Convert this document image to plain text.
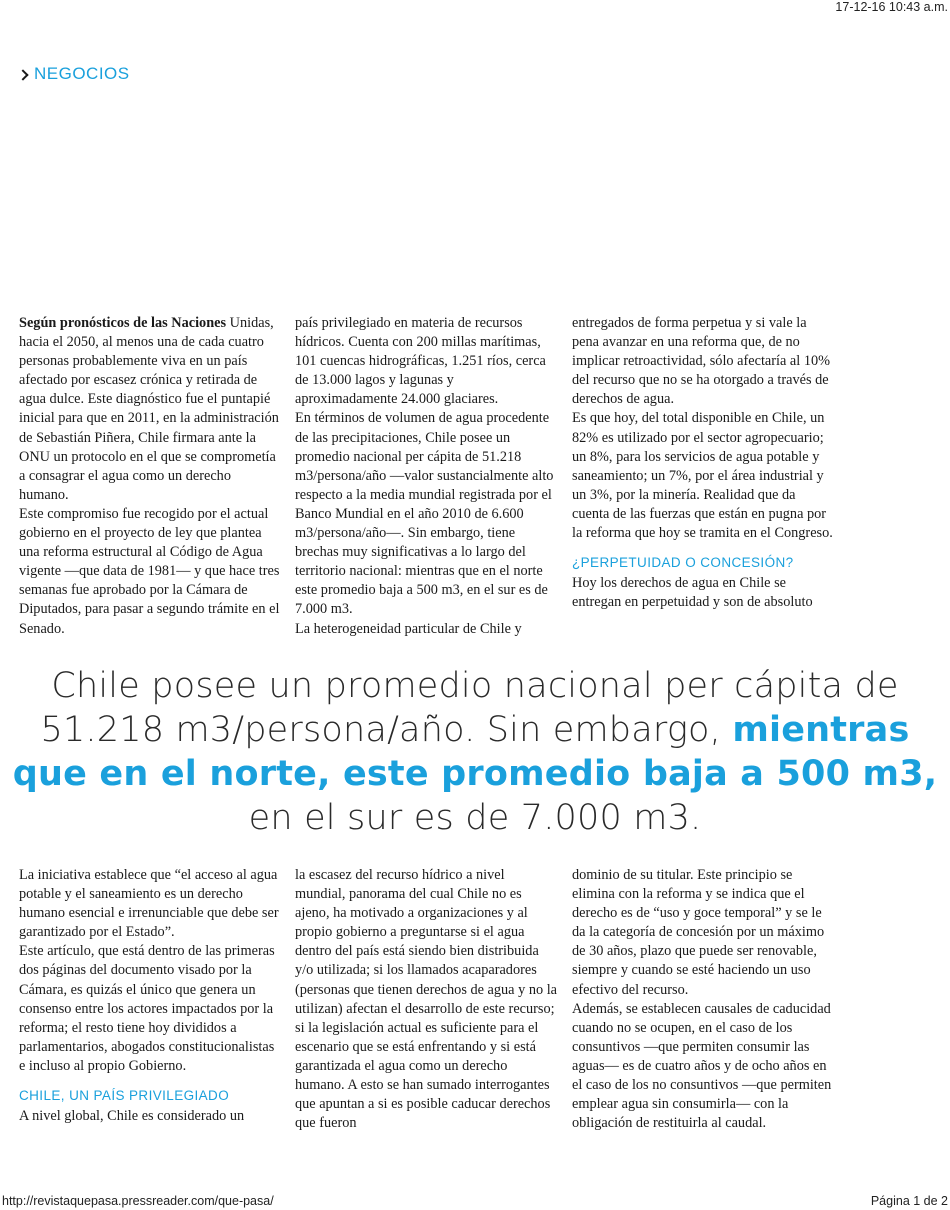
17-12-16 10:43 a.m.
NEGOCIOS

Según pronósticos de las Naciones Unidas, hacia el 2050, al menos una de cada cuatro personas probablemente viva en un país afectado por escasez crónica y retirada de agua dulce. Este diagnóstico fue el puntapié inicial para que en 2011, en la administración de Sebastián Piñera, Chile firmara ante la ONU un protocolo en el que se comprometía a consagrar el agua como un derecho humano.

Este compromiso fue recogido por el actual gobierno en el proyecto de ley que plantea una reforma estructural al Código de Agua vigente —que data de 1981— y que hace tres semanas fue aprobado por la Cámara de Diputados, para pasar a segundo trámite en el Senado.

país privilegiado en materia de recursos hídricos. Cuenta con 200 millas marítimas, 101 cuencas hidrográficas, 1.251 ríos, cerca de 13.000 lagos y lagunas y aproximadamente 24.000 glaciares.

En términos de volumen de agua procedente de las precipitaciones, Chile posee un promedio nacional per cápita de 51.218 m3/persona/año —valor sustancialmente alto respecto a la media mundial registrada por el Banco Mundial en el año 2010 de 6.600 m3/persona/año—. Sin embargo, tiene brechas muy significativas a lo largo del territorio nacional: mientras que en el norte este promedio baja a 500 m3, en el sur es de 7.000 m3.

La heterogeneidad particular de Chile y

entregados de forma perpetua y si vale la pena avanzar en una reforma que, de no implicar retroactividad, sólo afectaría al 10% del recurso que no se ha otorgado a través de derechos de agua.

Es que hoy, del total disponible en Chile, un 82% es utilizado por el sector agropecuario; un 8%, para los servicios de agua potable y saneamiento; un 7%, por el área industrial y un 3%, por la minería. Realidad que da cuenta de las fuerzas que están en pugna por la reforma que hoy se tramita en el Congreso.

¿PERPETUIDAD O CONCESIÓN?

Hoy los derechos de agua en Chile se entregan en perpetuidad y son de absoluto

Chile posee un promedio nacional per cápita de 51.218 m3/persona/año. Sin embargo, mientras que en el norte, este promedio baja a 500 m3,
en el sur es de 7.000 m3.

La iniciativa establece que “el acceso al agua potable y el saneamiento es un derecho humano esencial e irrenunciable que debe ser garantizado por el Estado”.

Este artículo, que está dentro de las primeras dos páginas del documento visado por la Cámara, es quizás el único que genera un consenso entre los actores impactados por la reforma; el resto tiene hoy divididos a parlamentarios, abogados constitucionalistas e incluso al propio Gobierno.

CHILE, UN PAÍS PRIVILEGIADO

A nivel global, Chile es considerado un

la escasez del recurso hídrico a nivel mundial, panorama del cual Chile no es ajeno, ha motivado a organizaciones y al propio gobierno a preguntarse si el agua dentro del país está siendo bien distribuida y/o utilizada; si los llamados acaparadores (personas que tienen derechos de agua y no la utilizan) afectan el desarrollo de este recurso; si la legislación actual es suficiente para el escenario que se está enfrentando y si está garantizada el agua como un derecho humano. A esto se han sumado interrogantes que apuntan a si es posible caducar derechos que fueron

dominio de su titular. Este principio se elimina con la reforma y se indica que el derecho es de “uso y goce temporal” y se le da la categoría de concesión por un máximo de 30 años, plazo que puede ser renovable, siempre y cuando se esté haciendo un uso efectivo del recurso.

Además, se establecen causales de caducidad cuando no se ocupen, en el caso de los consuntivos —que permiten consumir las aguas— es de cuatro años y de ocho años en el caso de los no consuntivos —que permiten emplear agua sin consumirla— con la obligación de restituirla al caudal.

http://revistaquepasa.pressreader.com/que-pasa/	Página 1 de 2
